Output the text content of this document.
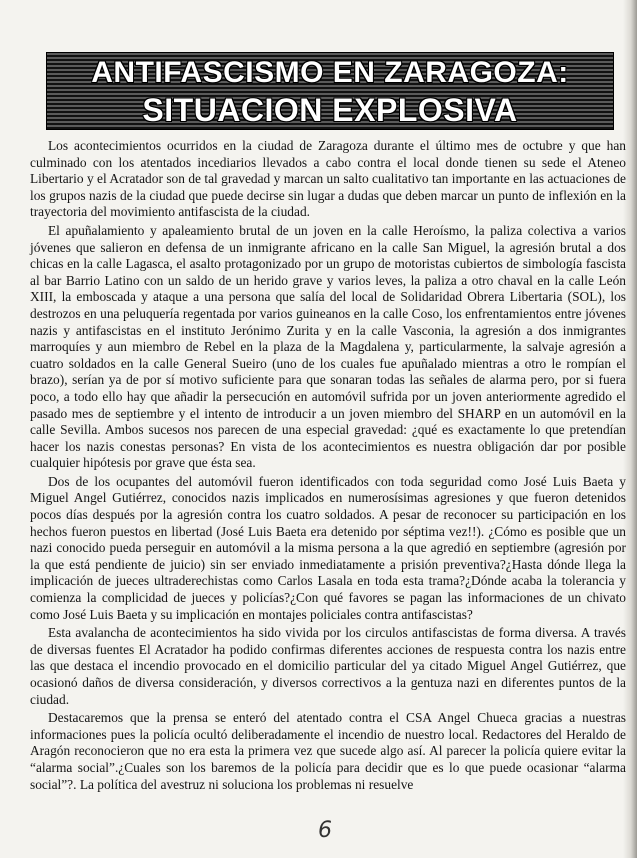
ANTIFASCISMO EN ZARAGOZA:
SITUACION EXPLOSIVA

Los acontecimientos ocurridos en la ciudad de Zaragoza durante el último mes de octubre y que han culminado con los atentados incediarios llevados a cabo contra el local donde tienen su sede el Ateneo Libertario y el Acratador son de tal gravedad y marcan un salto cualitativo tan importante en las actuaciones de los grupos nazis de la ciudad que puede decirse sin lugar a dudas que deben marcar un punto de inflexión en la trayectoria del movimiento antifascista de la ciudad.

El apuñalamiento y apaleamiento brutal de un joven en la calle Heroísmo, la paliza colectiva a varios jóvenes que salieron en defensa de un inmigrante africano en la calle San Miguel, la agresión brutal a dos chicas en la calle Lagasca, el asalto protagonizado por un grupo de motoristas cubiertos de simbología fascista al bar Barrio Latino con un saldo de un herido grave y varios leves, la paliza a otro chaval en la calle León XIII, la emboscada y ataque a una persona que salía del local de Solidaridad Obrera Libertaria (SOL), los destrozos en una peluquería regentada por varios guineanos en la calle Coso, los enfrentamientos entre jóvenes nazis y antifascistas en el instituto Jerónimo Zurita y en la calle Vasconia, la agresión a dos inmigrantes marroquíes y aun miembro de Rebel en la plaza de la Magdalena y, particularmente, la salvaje agresión a cuatro soldados en la calle General Sueiro (uno de los cuales fue apuñalado mientras a otro le rompían el brazo), serían ya de por sí motivo suficiente para que sonaran todas las señales de alarma pero, por si fuera poco, a todo ello hay que añadir la persecución en automóvil sufrida por un joven anteriormente agredido el pasado mes de septiembre y el intento de introducir a un joven miembro del SHARP en un automóvil en la calle Sevilla. Ambos sucesos nos parecen de una especial gravedad: ¿qué es exactamente lo que pretendían hacer los nazis conestas personas? En vista de los acontecimientos es nuestra obligación dar por posible cualquier hipótesis por grave que ésta sea.

Dos de los ocupantes del automóvil fueron identificados con toda seguridad como José Luis Baeta y Miguel Angel Gutiérrez, conocidos nazis implicados en numerosísimas agresiones y que fueron detenidos pocos días después por la agresión contra los cuatro soldados. A pesar de reconocer su participación en los hechos fueron puestos en libertad (José Luis Baeta era detenido por séptima vez!!). ¿Cómo es posible que un nazi conocido pueda perseguir en automóvil a la misma persona a la que agredió en septiembre (agresión por la que está pendiente de juicio) sin ser enviado inmediatamente a prisión preventiva?¿Hasta dónde llega la implicación de jueces ultraderechistas como Carlos Lasala en toda esta trama?¿Dónde acaba la tolerancia y comienza la complicidad de jueces y policías?¿Con qué favores se pagan las informaciones de un chivato como José Luis Baeta y su implicación en montajes policiales contra antifascistas?

Esta avalancha de acontecimientos ha sido vivida por los circulos antifascistas de forma diversa. A través de diversas fuentes El Acratador ha podido confirmas diferentes acciones de respuesta contra los nazis entre las que destaca el incendio provocado en el domicilio particular del ya citado Miguel Angel Gutiérrez, que ocasionó daños de diversa consideración, y diversos correctivos a la gentuza nazi en diferentes puntos de la ciudad.

Destacaremos que la prensa se enteró del atentado contra el CSA Angel Chueca gracias a nuestras informaciones pues la policía ocultó deliberadamente el incendio de nuestro local. Redactores del Heraldo de Aragón reconocieron que no era esta la primera vez que sucede algo así. Al parecer la policía quiere evitar la “alarma social”.¿Cuales son los baremos de la policía para decidir que es lo que puede ocasionar “alarma social”?. La política del avestruz ni soluciona los problemas ni resuelve

6
